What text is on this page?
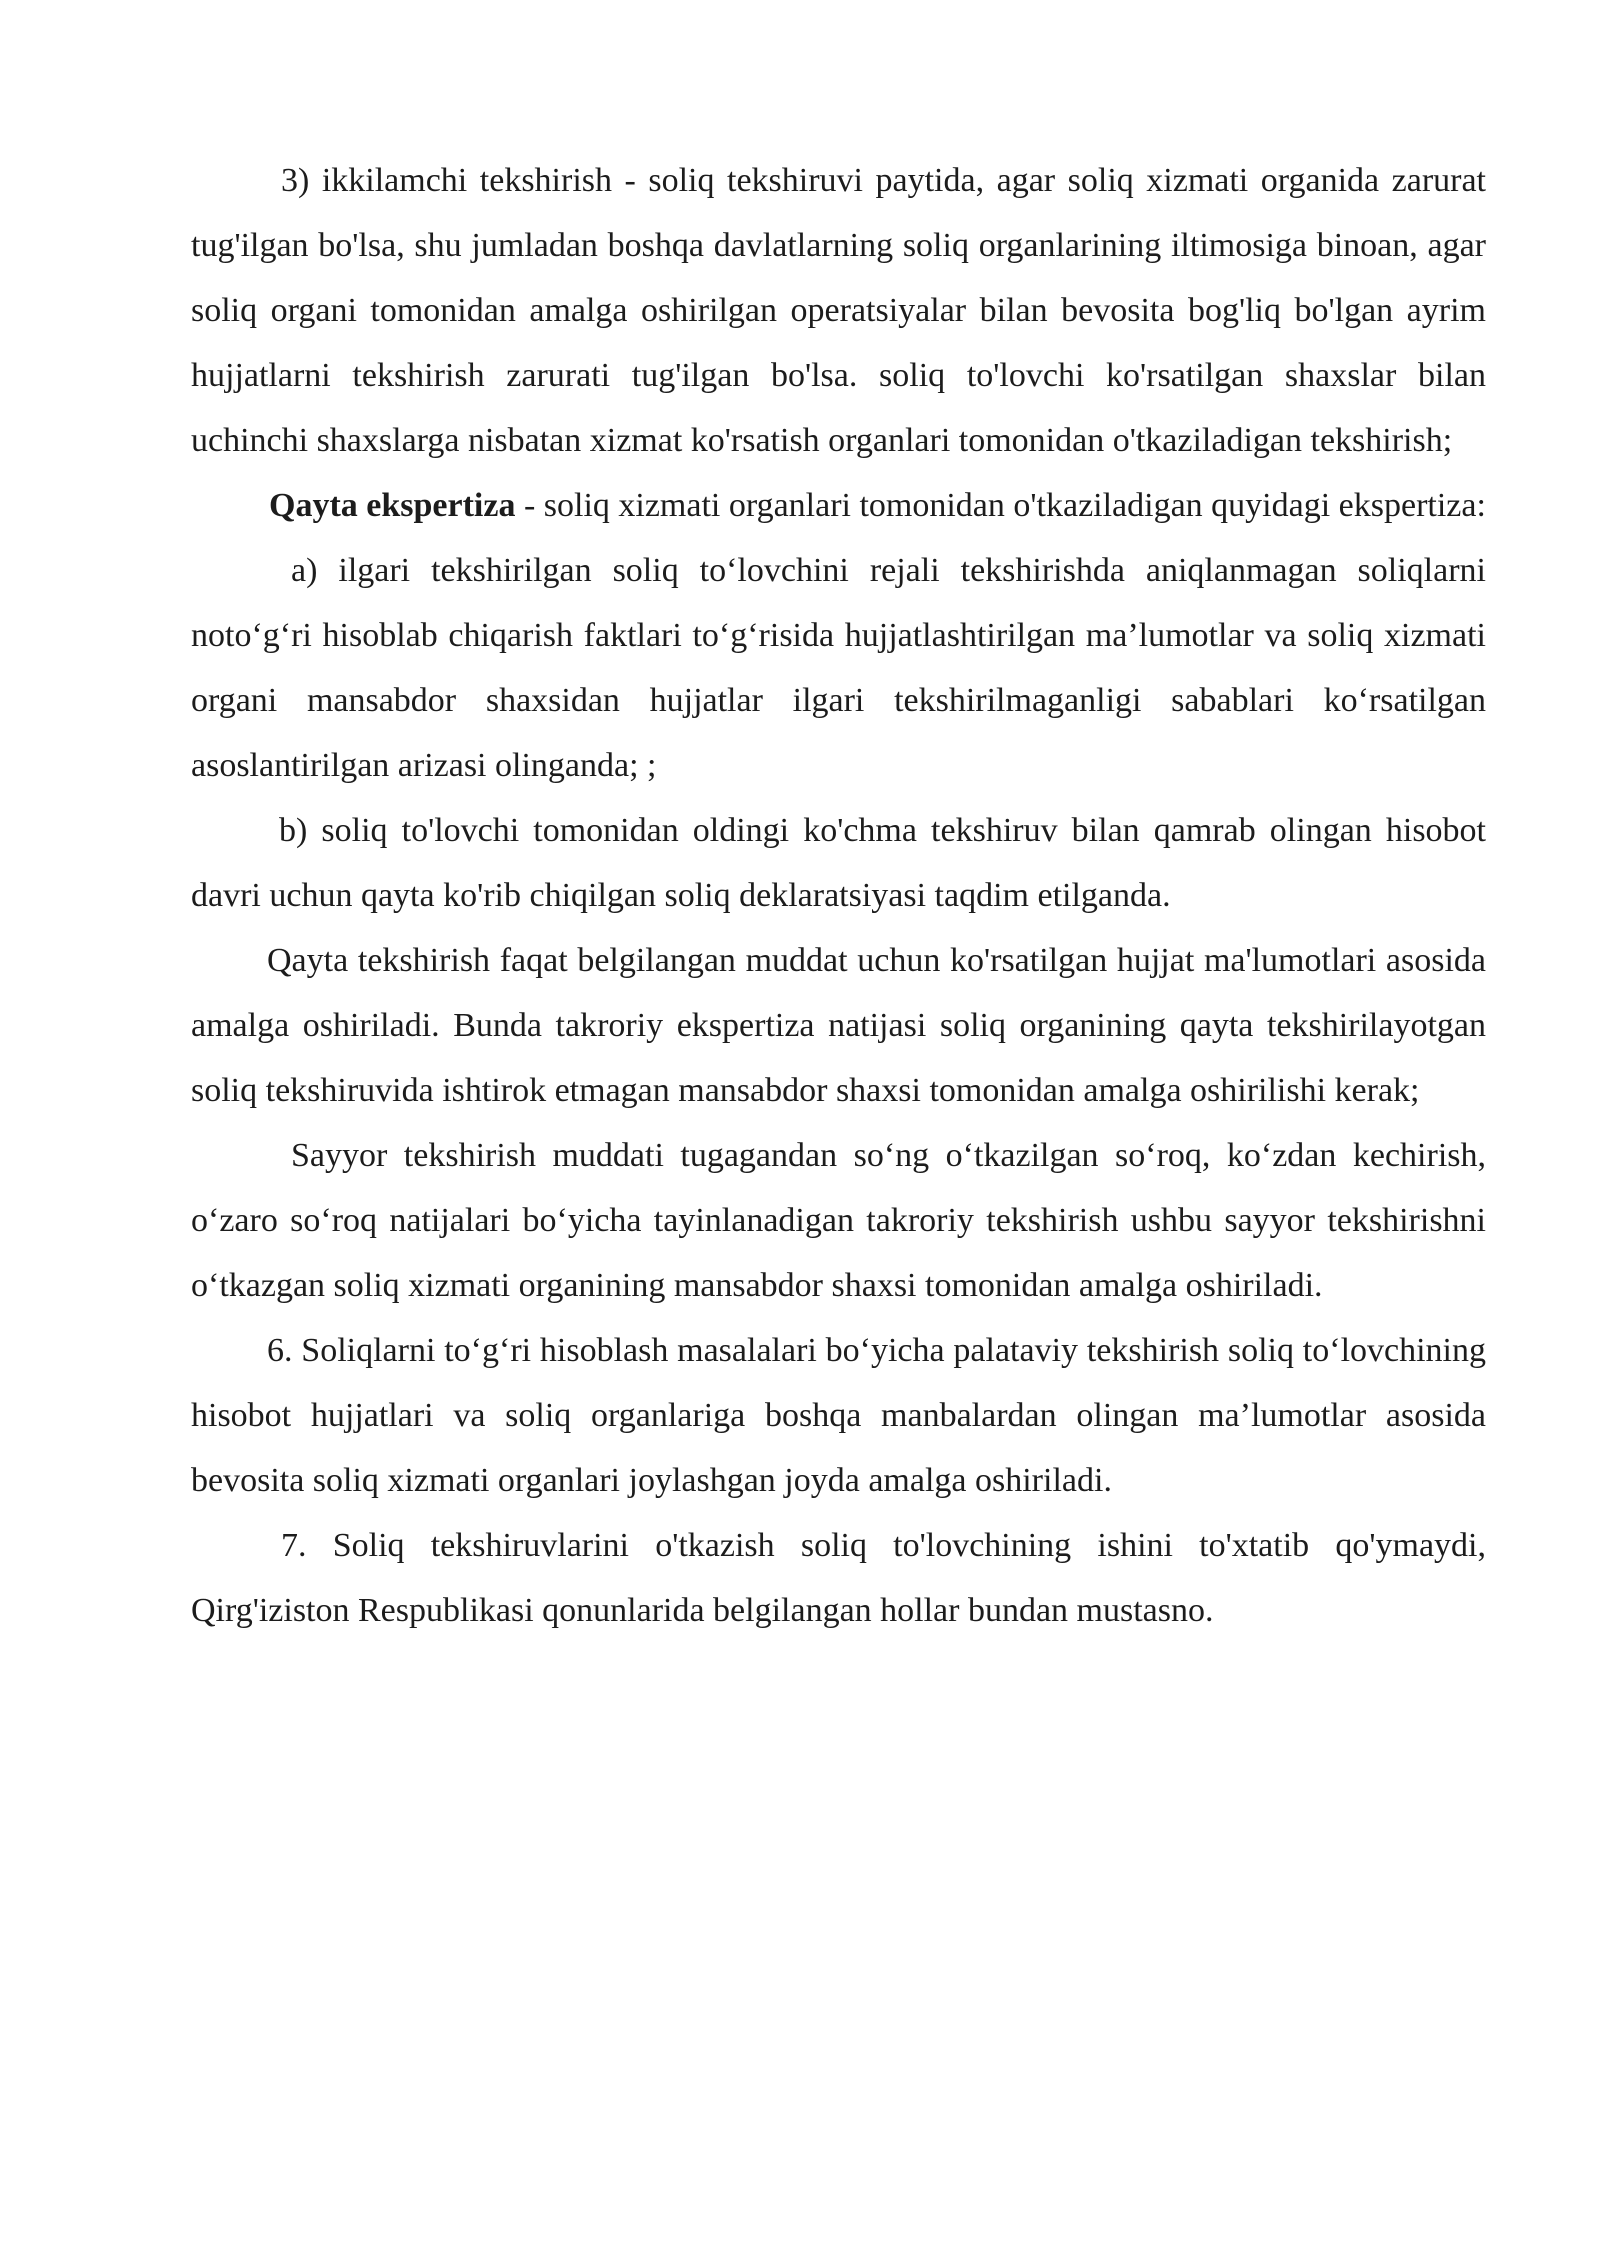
3) ikkilamchi tekshirish - soliq tekshiruvi paytida, agar soliq xizmati organida zarurat tug'ilgan bo'lsa, shu jumladan boshqa davlatlarning soliq organlarining iltimosiga binoan, agar soliq organi tomonidan amalga oshirilgan operatsiyalar bilan bevosita bog'liq bo'lgan ayrim hujjatlarni tekshirish zarurati tug'ilgan bo'lsa. soliq to'lovchi ko'rsatilgan shaxslar bilan uchinchi shaxslarga nisbatan xizmat ko'rsatish organlari tomonidan o'tkaziladigan tekshirish;

Qayta ekspertiza - soliq xizmati organlari tomonidan o'tkaziladigan quyidagi ekspertiza:

a) ilgari tekshirilgan soliq to‘lovchini rejali tekshirishda aniqlanmagan soliqlarni noto‘g‘ri hisoblab chiqarish faktlari to‘g‘risida hujjatlashtirilgan ma’lumotlar va soliq xizmati organi mansabdor shaxsidan hujjatlar ilgari tekshirilmaganligi sabablari ko‘rsatilgan asoslantirilgan arizasi olinganda; ;

b) soliq to'lovchi tomonidan oldingi ko'chma tekshiruv bilan qamrab olingan hisobot davri uchun qayta ko'rib chiqilgan soliq deklaratsiyasi taqdim etilganda.

Qayta tekshirish faqat belgilangan muddat uchun ko'rsatilgan hujjat ma'lumotlari asosida amalga oshiriladi. Bunda takroriy ekspertiza natijasi soliq organining qayta tekshirilayotgan soliq tekshiruvida ishtirok etmagan mansabdor shaxsi tomonidan amalga oshirilishi kerak;

Sayyor tekshirish muddati tugagandan so‘ng o‘tkazilgan so‘roq, ko‘zdan kechirish, o‘zaro so‘roq natijalari bo‘yicha tayinlanadigan takroriy tekshirish ushbu sayyor tekshirishni o‘tkazgan soliq xizmati organining mansabdor shaxsi tomonidan amalga oshiriladi.

6. Soliqlarni to‘g‘ri hisoblash masalalari bo‘yicha palataviy tekshirish soliq to‘lovchining hisobot hujjatlari va soliq organlariga boshqa manbalardan olingan ma’lumotlar asosida bevosita soliq xizmati organlari joylashgan joyda amalga oshiriladi.

7. Soliq tekshiruvlarini o'tkazish soliq to'lovchining ishini to'xtatib qo'ymaydi, Qirg'iziston Respublikasi qonunlarida belgilangan hollar bundan mustasno.
